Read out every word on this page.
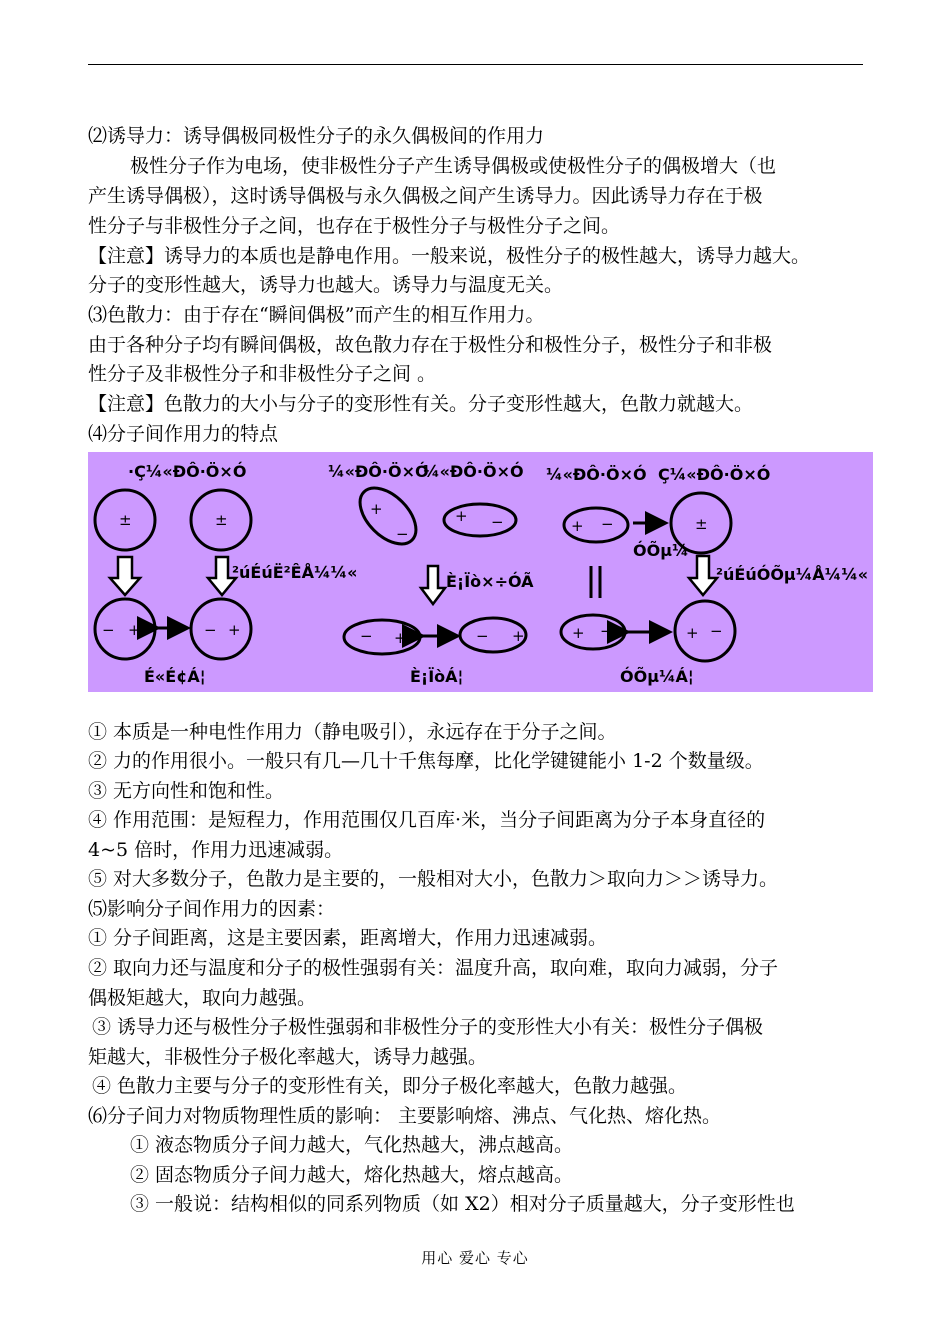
⑵诱导力：诱导偶极同极性分子的永久偶极间的作用力
极性分子作为电场，使非极性分子产生诱导偶极或使极性分子的偶极增大（也
产生诱导偶极），这时诱导偶极与永久偶极之间产生诱导力。因此诱导力存在于极
性分子与非极性分子之间，也存在于极性分子与极性分子之间。
【注意】诱导力的本质也是静电作用。一般来说，极性分子的极性越大，诱导力越大。
分子的变形性越大，诱导力也越大。诱导力与温度无关。
⑶色散力：由于存在“瞬间偶极”而产生的相互作用力。
由于各种分子均有瞬间偶极，故色散力存在于极性分和极性分子，极性分子和非极
性分子及非极性分子和非极性分子之间 。
【注意】色散力的大小与分子的变形性有关。分子变形性越大，色散力就越大。
⑷分子间作用力的特点
±	±
− +	− +
+
−
+ −
− +	− +
+ −	±
+ −	+ −
·Ç¼«ÐÔ·Ö×Ó	¼«ÐÔ·Ö×Ó
¼«ÐÔ·Ö×Ó ¼«ÐÔ·Ö×Ó Ç¼«ÐÔ·Ö×Ó
²úÉúË²ÊÅ¼¼«	È¡Ïò×÷ÓÃ
ÓÕµ¼
²úÉúÓÕµ¼Å¼¼«
É«É¢Á¦	È¡ÏòÁ¦	ÓÕµ¼Á¦
① 本质是一种电性作用力（静电吸引），永远存在于分子之间。
② 力的作用很小。一般只有几—几十千焦每摩，比化学键键能小 1-2 个数量级。
③ 无方向性和饱和性。
④ 作用范围：是短程力，作用范围仅几百库·米，当分子间距离为分子本身直径的
4~5 倍时，作用力迅速减弱。
⑤ 对大多数分子，色散力是主要的，一般相对大小，色散力＞取向力＞＞诱导力。
⑸影响分子间作用力的因素：
① 分子间距离，这是主要因素，距离增大，作用力迅速减弱。
② 取向力还与温度和分子的极性强弱有关：温度升高，取向难，取向力减弱，分子
偶极矩越大，取向力越强。
③ 诱导力还与极性分子极性强弱和非极性分子的变形性大小有关：极性分子偶极
矩越大，非极性分子极化率越大，诱导力越强。
④ 色散力主要与分子的变形性有关，即分子极化率越大，色散力越强。
⑹分子间力对物质物理性质的影响： 主要影响熔、沸点、气化热、熔化热。
① 液态物质分子间力越大，气化热越大，沸点越高。
② 固态物质分子间力越大，熔化热越大，熔点越高。
③ 一般说：结构相似的同系列物质（如 X2）相对分子质量越大，分子变形性也
用心 爱心 专心
